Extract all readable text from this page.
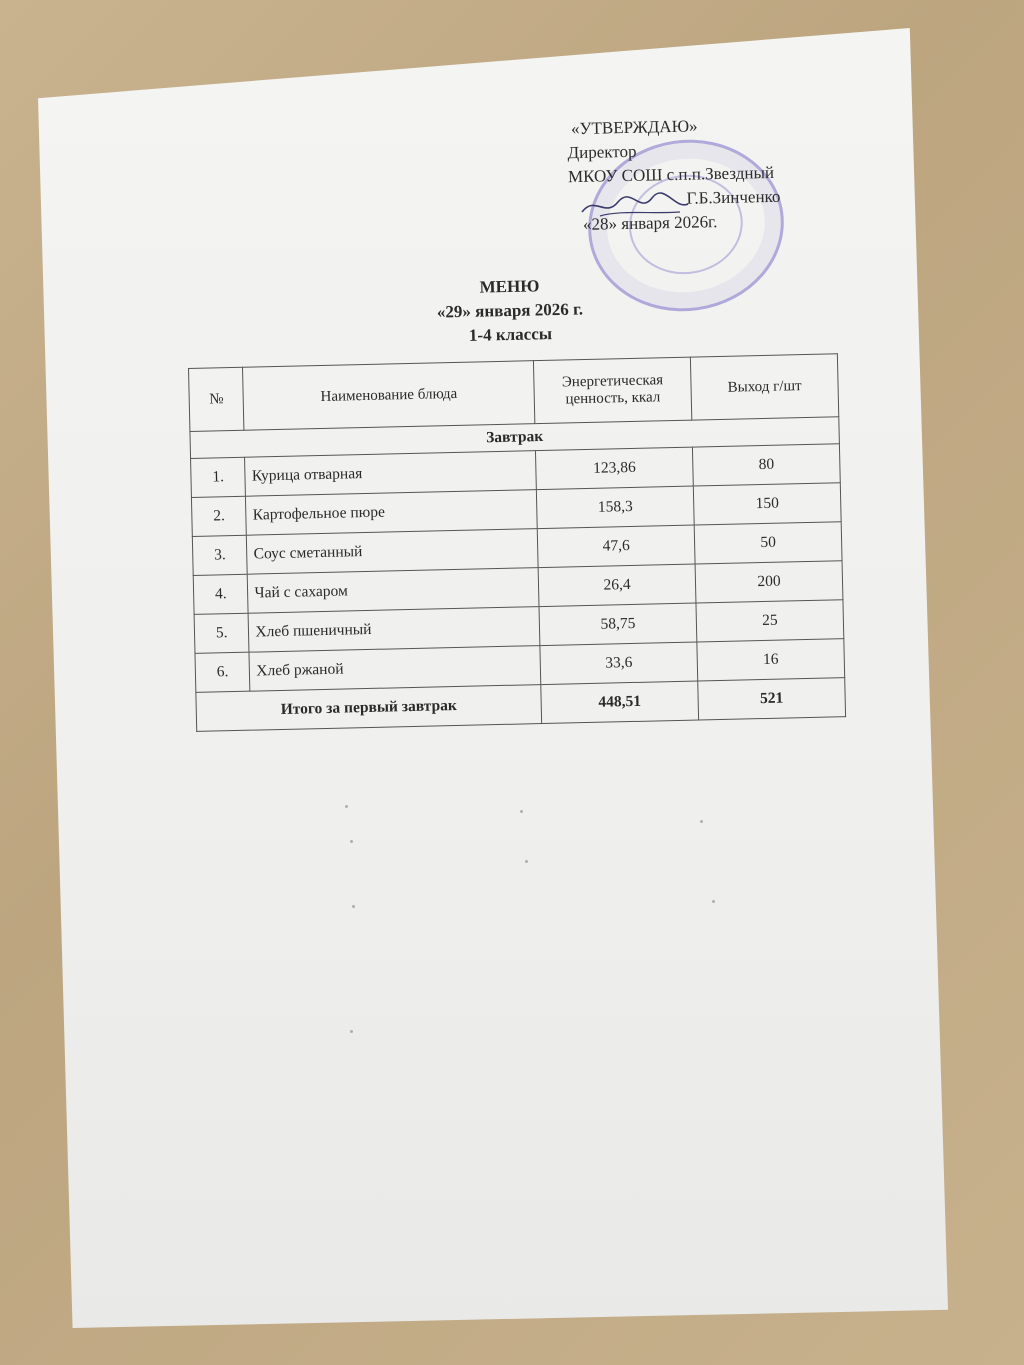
«УТВЕРЖДАЮ»
Директор
МКОУ СОШ с.п.п.Звездный
Г.Б.Зинченко
«28» января 2026г.
МЕНЮ
«29» января 2026 г.
1-4 классы
№	Наименование блюда	Энергетическая ценность, ккал	Выход г/шт
Завтрак			
1.	Курица отварная	123,86	80
2.	Картофельное пюре	158,3	150
3.	Соус сметанный	47,6	50
4.	Чай с сахаром	26,4	200
5.	Хлеб пшеничный	58,75	25
6.	Хлеб ржаной	33,6	16
Итого за первый завтрак		448,51	521
